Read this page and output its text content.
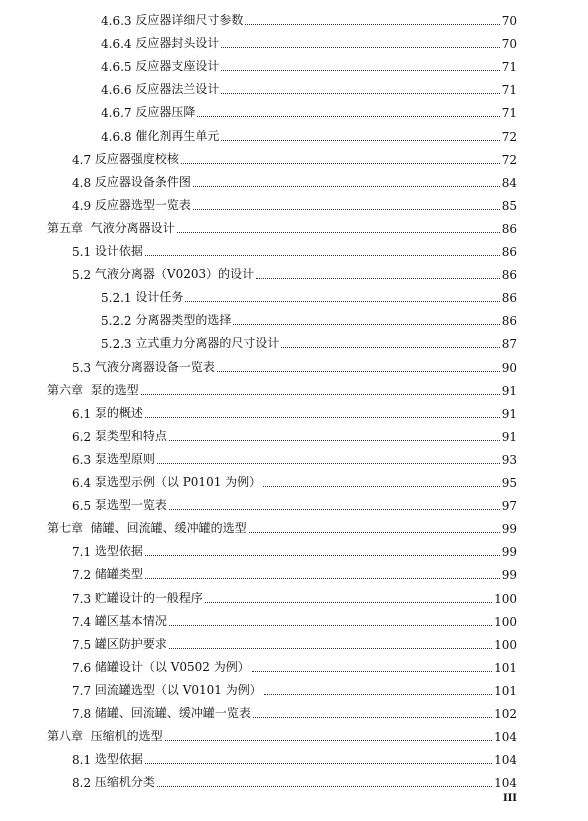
4.6.3 反应器详细尺寸参数	70
4.6.4 反应器封头设计	70
4.6.5 反应器支座设计	71
4.6.6 反应器法兰设计	71
4.6.7 反应器压降	71
4.6.8 催化剂再生单元	72
4.7 反应器强度校核	72
4.8 反应器设备条件图	84
4.9 反应器选型一览表	85
第五章 气液分离器设计	86
5.1 设计依据	86
5.2 气液分离器（V0203）的设计	86
5.2.1 设计任务	86
5.2.2 分离器类型的选择	86
5.2.3 立式重力分离器的尺寸设计	87
5.3 气液分离器设备一览表	90
第六章 泵的选型	91
6.1 泵的概述	91
6.2 泵类型和特点	91
6.3 泵选型原则	93
6.4 泵选型示例（以 P0101 为例）	95
6.5 泵选型一览表	97
第七章 储罐、回流罐、缓冲罐的选型	99
7.1 选型依据	99
7.2 储罐类型	99
7.3 贮罐设计的一般程序	100
7.4 罐区基本情况	100
7.5 罐区防护要求	100
7.6 储罐设计（以 V0502 为例）	101
7.7 回流罐选型（以 V0101 为例）	101
7.8 储罐、回流罐、缓冲罐一览表	102
第八章 压缩机的选型	104
8.1 选型依据	104
8.2 压缩机分类	104
III
